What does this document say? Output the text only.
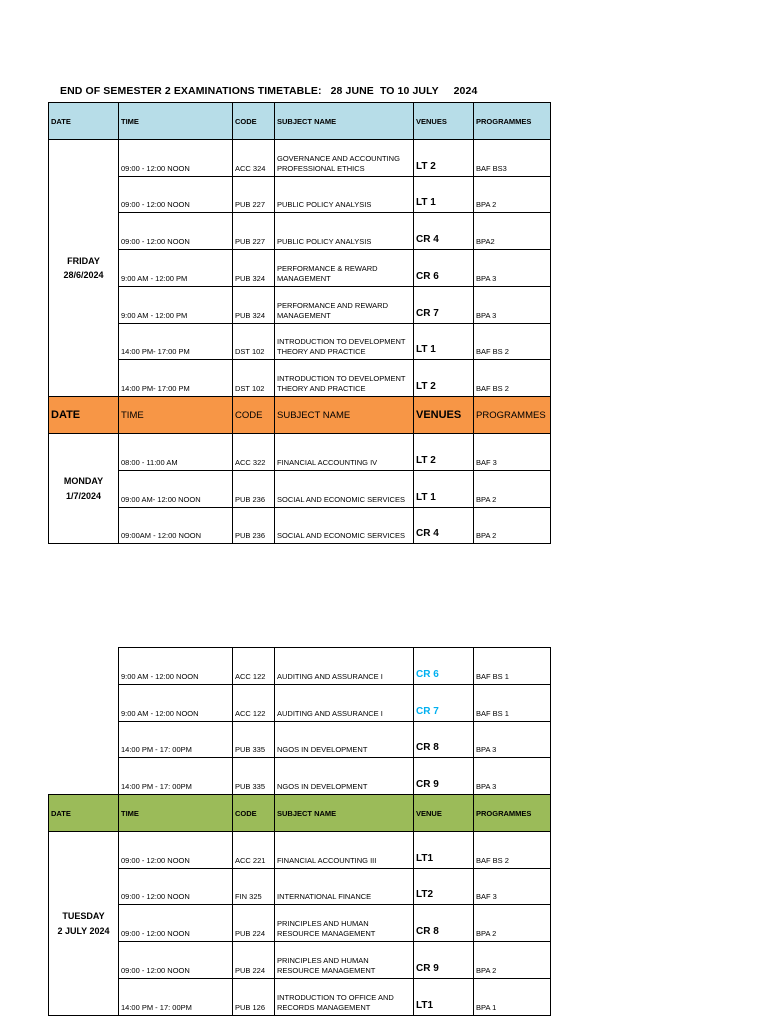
END OF SEMESTER 2 EXAMINATIONS TIMETABLE:   28 JUNE  TO 10 JULY     2024
DATE	TIME	CODE	SUBJECT NAME	VENUES	PROGRAMMES
FRIDAY
28/6/2024	09:00 - 12:00 NOON	ACC 324	GOVERNANCE AND ACCOUNTING PROFESSIONAL ETHICS	LT 2	BAF BS3
	09:00 - 12:00 NOON	PUB 227	PUBLIC POLICY ANALYSIS	LT 1	BPA 2
	09:00 - 12:00 NOON	PUB 227	PUBLIC POLICY ANALYSIS	CR 4	BPA2
	9:00 AM - 12:00 PM	PUB 324	PERFORMANCE & REWARD MANAGEMENT	CR 6	BPA 3
	9:00 AM - 12:00 PM	PUB 324	PERFORMANCE AND REWARD MANAGEMENT	CR 7	BPA 3
	14:00 PM- 17:00 PM	DST 102	INTRODUCTION TO DEVELOPMENT THEORY AND PRACTICE	LT 1	BAF BS 2
	14:00 PM- 17:00 PM	DST 102	INTRODUCTION TO DEVELOPMENT THEORY AND PRACTICE	LT 2	BAF BS 2
DATE	TIME	CODE	SUBJECT NAME	VENUES	PROGRAMMES
MONDAY
1/7/2024	08:00 - 11:00 AM	ACC 322	FINANCIAL ACCOUNTING IV	LT 2	BAF 3
	09:00 AM- 12:00 NOON	PUB 236	SOCIAL AND ECONOMIC SERVICES	LT 1	BPA 2
	09:00AM - 12:00 NOON	PUB 236	SOCIAL AND ECONOMIC SERVICES	CR 4	BPA 2
	9:00 AM - 12:00 NOON	ACC 122	AUDITING AND ASSURANCE I	CR 6	BAF BS 1
	9:00 AM - 12:00 NOON	ACC 122	AUDITING AND ASSURANCE I	CR 7	BAF BS 1
	14:00 PM - 17: 00PM	PUB 335	NGOS IN DEVELOPMENT	CR 8	BPA 3
	14:00 PM - 17: 00PM	PUB 335	NGOS IN DEVELOPMENT	CR 9	BPA 3
DATE	TIME	CODE	SUBJECT NAME	VENUE	PROGRAMMES
TUESDAY
2 JULY 2024	09:00 - 12:00 NOON	ACC 221	FINANCIAL ACCOUNTING III	LT1	BAF BS 2
	09:00 - 12:00 NOON	FIN 325	INTERNATIONAL FINANCE	LT2	BAF 3
	09:00 - 12:00 NOON	PUB 224	PRINCIPLES AND HUMAN RESOURCE MANAGEMENT	CR 8	BPA 2
	09:00 - 12:00 NOON	PUB 224	PRINCIPLES AND HUMAN RESOURCE MANAGEMENT	CR 9	BPA 2
	14:00 PM - 17: 00PM	PUB 126	INTRODUCTION TO OFFICE AND RECORDS MANAGEMENT	LT1	BPA 1
